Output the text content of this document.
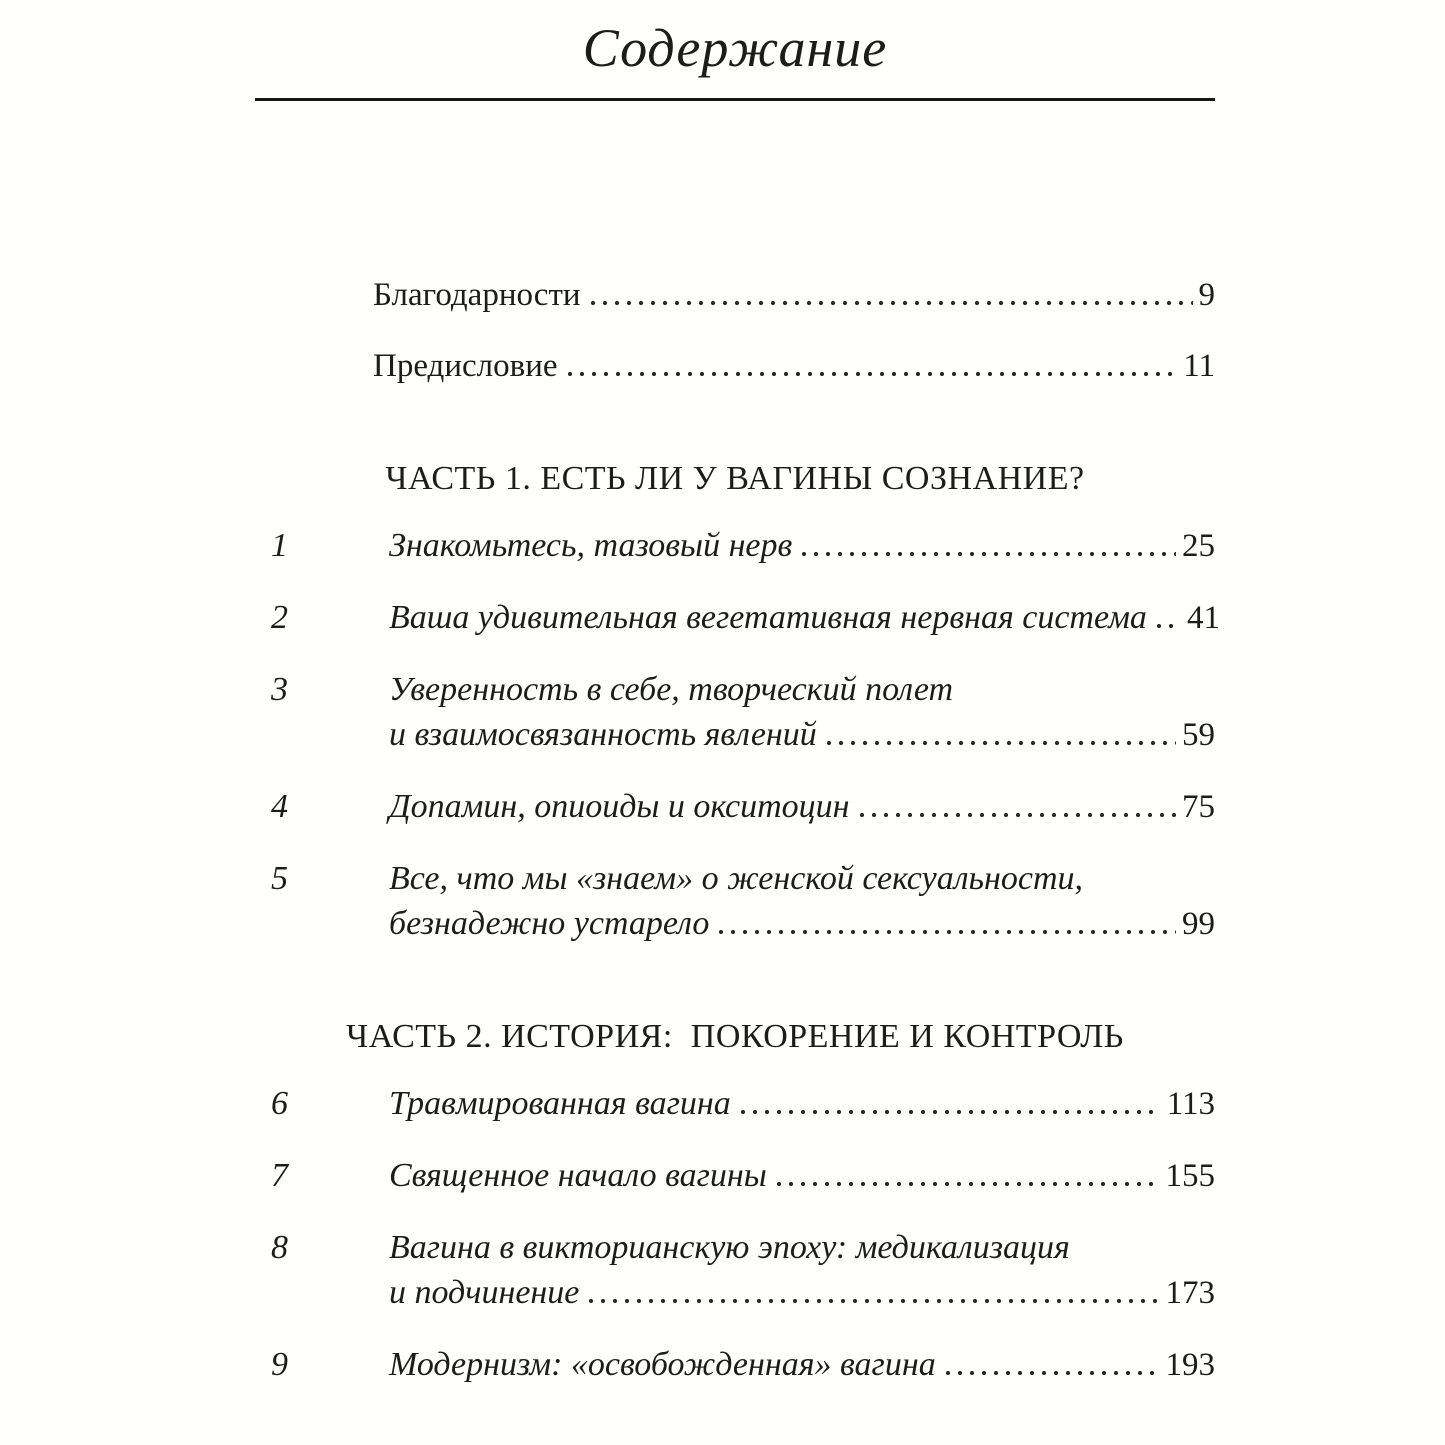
Содержание
Благодарности	9
Предисловие	11
ЧАСТЬ 1. ЕСТЬ ЛИ У ВАГИНЫ СОЗНАНИЕ?
1	Знакомьтесь, тазовый нерв	25
2	Ваша удивительная вегетативная нервная система 41
3	Уверенность в себе, творческий полет
и взаимосвязанность явлений	59
4	Допамин, опиоиды и окситоцин	75
5	Все, что мы «знаем» о женской сексуальности,
безнадежно устарело	99
ЧАСТЬ 2. ИСТОРИЯ:  ПОКОРЕНИЕ И КОНТРОЛЬ
6	Травмированная вагина	113
7	Священное начало вагины	155
8	Вагина в викторианскую эпоху: медикализация
и подчинение	173
9	Модернизм: «освобожденная» вагина	193
